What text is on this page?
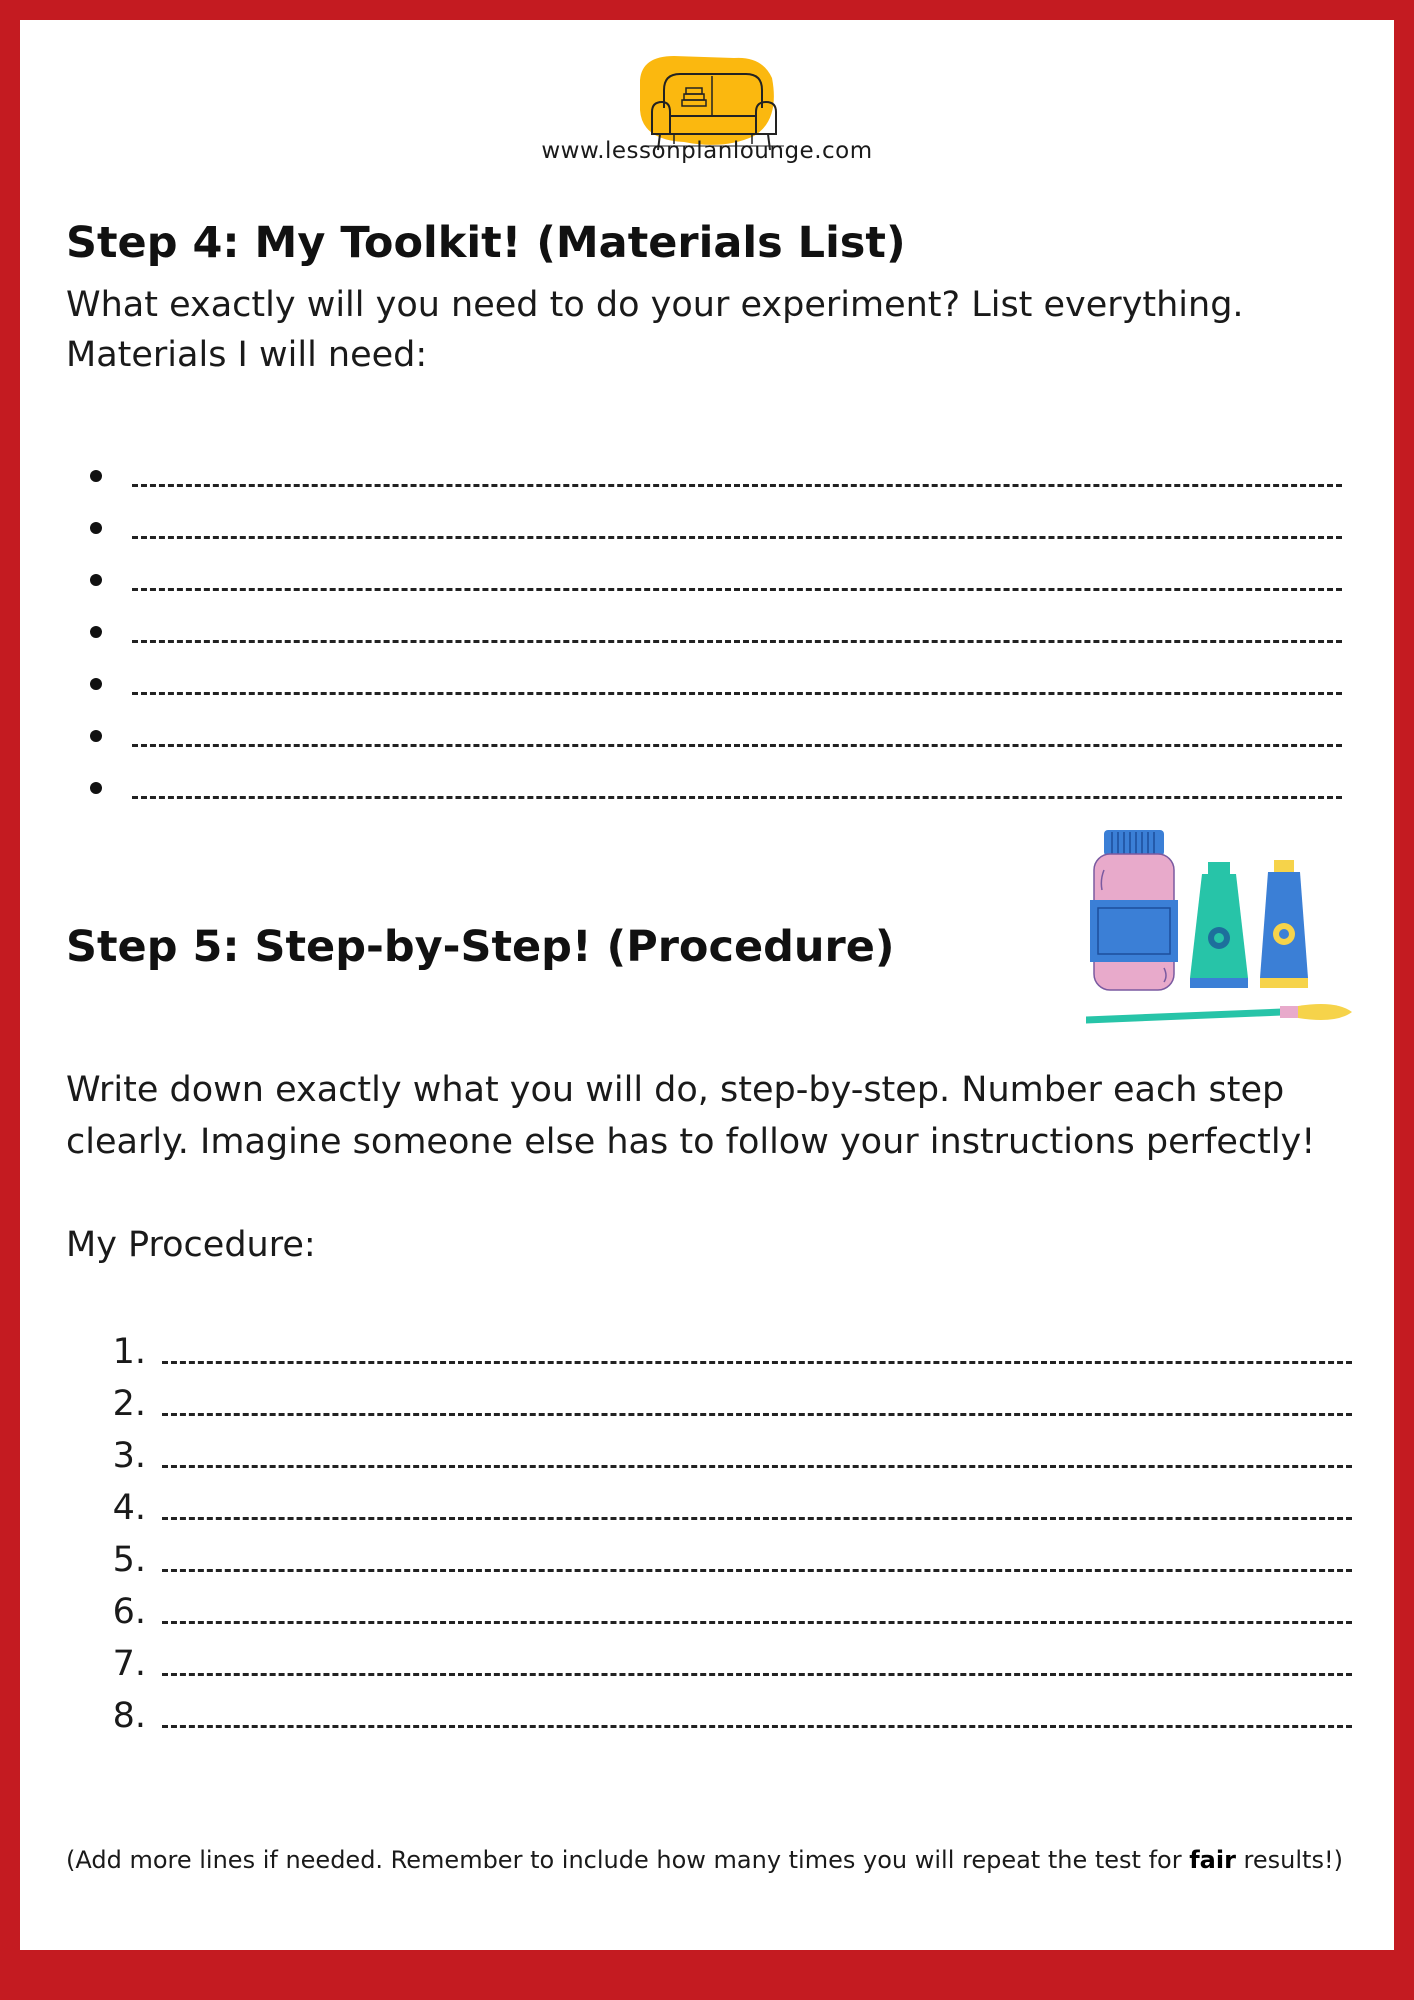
www.lessonplanlounge.com
Step 4: My Toolkit! (Materials List)

What exactly will you need to do your experiment? List everything.

Materials I will need:

Step 5: Step-by-Step! (Procedure)

Write down exactly what you will do, step-by-step. Number each step

clearly. Imagine someone else has to follow your instructions perfectly!

My Procedure:

1.
2.
3.
4.
5.
6.
7.
8.

(Add more lines if needed. Remember to include how many times you will repeat the test for fair results!)
